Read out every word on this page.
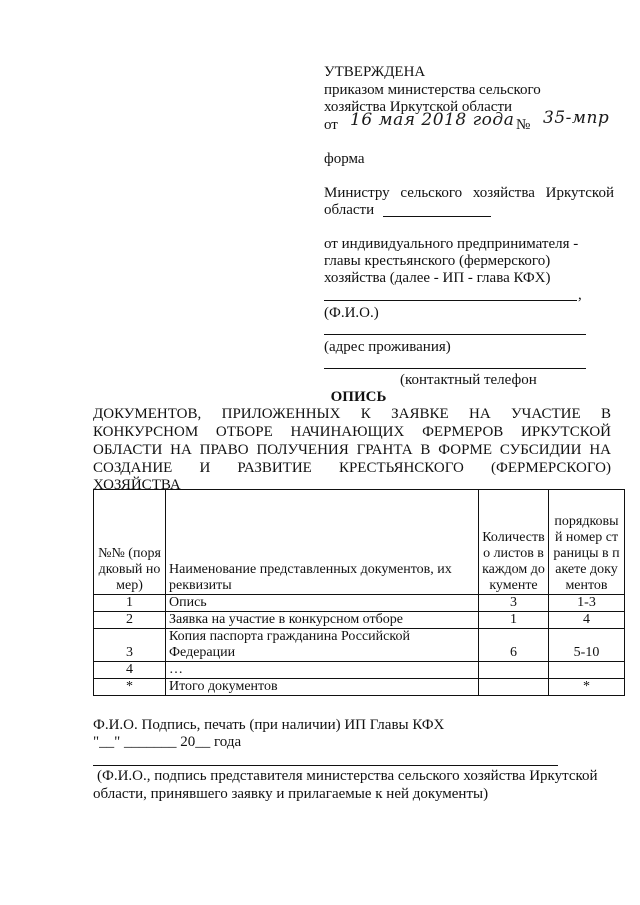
УТВЕРЖДЕНА
приказом министерства сельского
хозяйства Иркутской области
от 16 мая 2018 года № 35-мпр
форма
Министру сельского хозяйства Иркутской
области
от индивидуального предпринимателя -
главы крестьянского (фермерского)
хозяйства (далее - ИП - глава КФХ)
,
(Ф.И.О.)
(адрес проживания)
(контактный телефон
ОПИСЬ
ДОКУМЕНТОВ, ПРИЛОЖЕННЫХ К ЗАЯВКЕ НА УЧАСТИЕ В
КОНКУРСНОМ ОТБОРЕ НАЧИНАЮЩИХ ФЕРМЕРОВ ИРКУТСКОЙ
ОБЛАСТИ НА ПРАВО ПОЛУЧЕНИЯ ГРАНТА В ФОРМЕ СУБСИДИИ НА
СОЗДАНИЕ И РАЗВИТИЕ КРЕСТЬЯНСКОГО (ФЕРМЕРСКОГО)
ХОЗЯЙСТВА
№№ (порядковый номер)	Наименование представленных документов, их реквизиты	Количество листов в каждом документе	порядковый номер страницы в пакете документов
1	Опись	3	1-3
2	Заявка на участие в конкурсном отборе	1	4
3	Копия паспорта гражданина Российской Федерации	6	5-10
4	…		
*	Итого документов		*
Ф.И.О. Подпись, печать (при наличии) ИП Главы КФХ
"__" _______ 20__ года
(Ф.И.О., подпись представителя министерства сельского хозяйства Иркутской
области, принявшего заявку и прилагаемые к ней документы)
